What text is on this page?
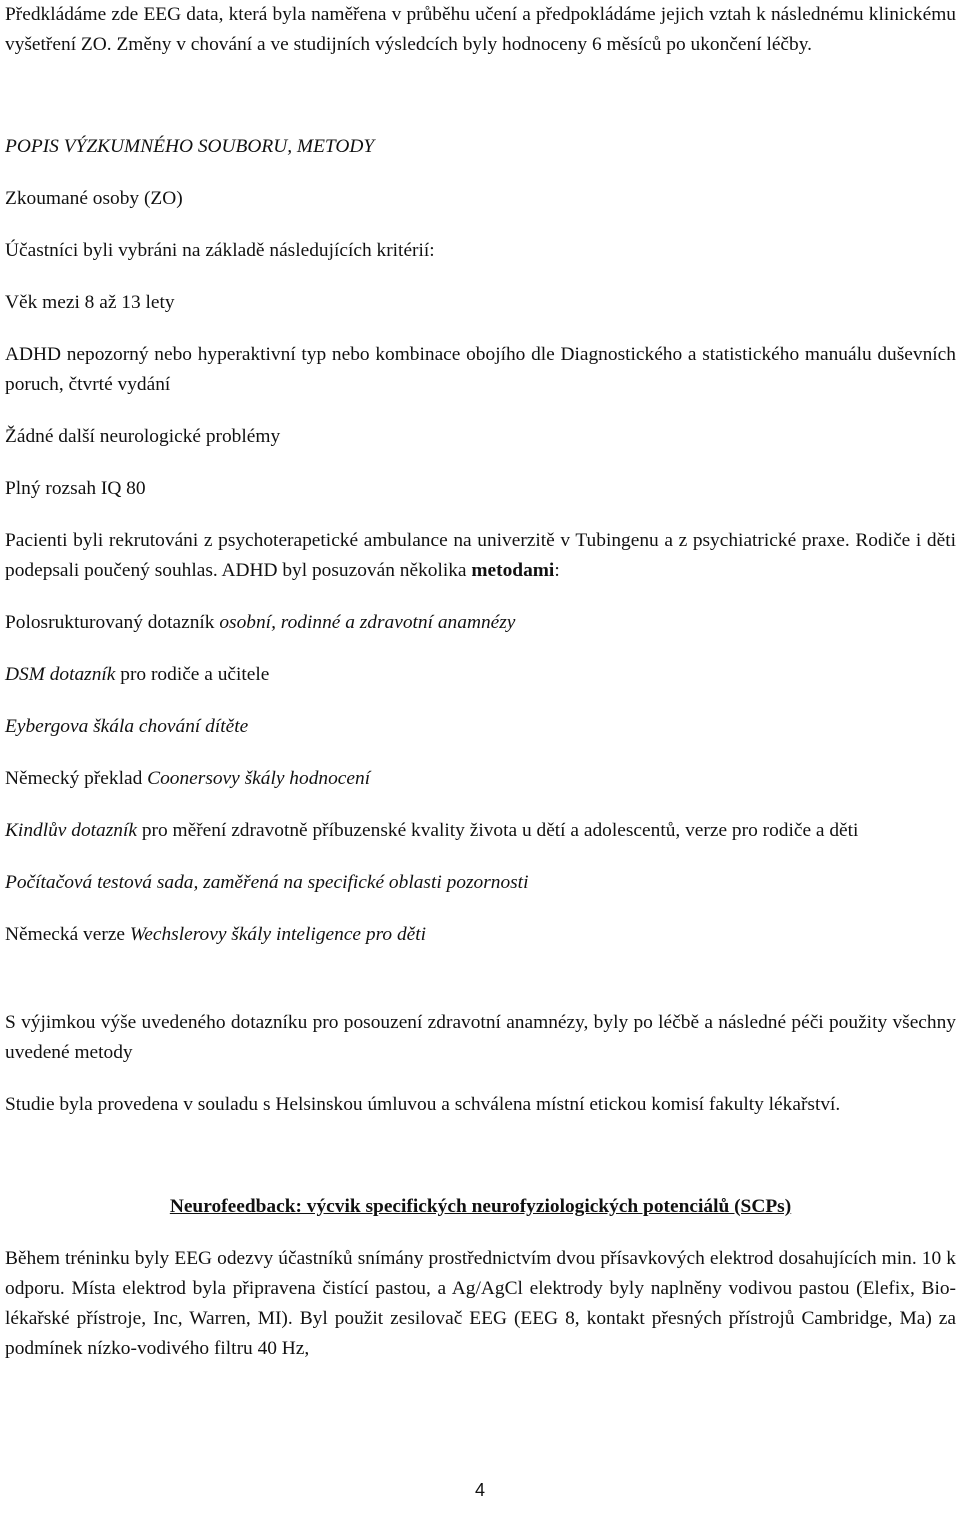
Předkládáme zde EEG data, která byla naměřena v průběhu učení a předpokládáme jejich vztah k následnému klinickému vyšetření ZO. Změny v chování a ve studijních výsledcích byly hodnoceny 6 měsíců po ukončení léčby.

POPIS VÝZKUMNÉHO SOUBORU, METODY

Zkoumané osoby (ZO)

Účastníci byli vybráni na základě následujících kritérií:

Věk mezi 8 až 13 lety

ADHD nepozorný nebo hyperaktivní typ nebo kombinace obojího dle Diagnostického a statistického manuálu duševních poruch, čtvrté vydání

Žádné další neurologické problémy

Plný rozsah IQ 80

Pacienti byli rekrutováni z psychoterapetické ambulance na univerzitě v Tubingenu a z psychiatrické praxe. Rodiče i děti podepsali poučený souhlas. ADHD byl posuzován několika metodami:

Polosrukturovaný dotazník osobní, rodinné a zdravotní anamnézy

DSM dotazník pro rodiče a učitele

Eybergova škála chování dítěte

Německý překlad Coonersovy škály hodnocení

Kindlův dotazník pro měření zdravotně příbuzenské kvality života u dětí a adolescentů, verze pro rodiče a děti

Počítačová testová sada, zaměřená na specifické oblasti pozornosti

Německá verze Wechslerovy škály inteligence pro děti

S výjimkou výše uvedeného dotazníku pro posouzení zdravotní anamnézy, byly po léčbě a následné péči použity všechny uvedené metody

Studie byla provedena v souladu s Helsinskou úmluvou a schválena místní etickou komisí fakulty lékařství.

Neurofeedback: výcvik specifických neurofyziologických potenciálů (SCPs)

Během tréninku byly EEG odezvy účastníků snímány prostřednictvím dvou přísavkových elektrod dosahujících min. 10 k odporu. Místa elektrod byla připravena čistící pastou, a Ag/AgCl elektrody byly naplněny vodivou pastou (Elefix, Bio-lékařské přístroje, Inc, Warren, MI). Byl použit zesilovač EEG (EEG 8, kontakt přesných přístrojů Cambridge, Ma) za podmínek nízko-vodivého filtru 40 Hz,

4
